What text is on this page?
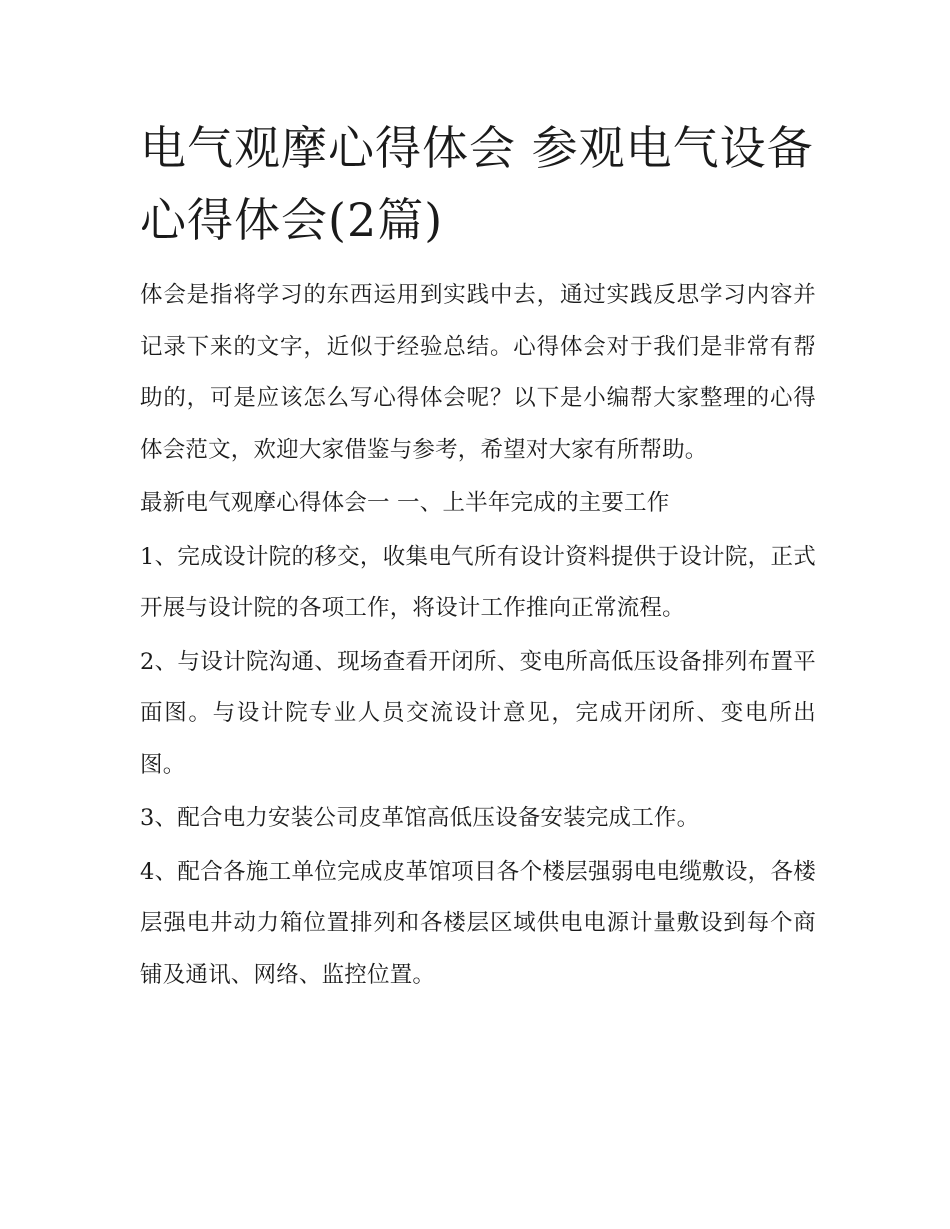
电气观摩心得体会 参观电气设备心得体会(2篇)

体会是指将学习的东西运用到实践中去，通过实践反思学习内容并记录下来的文字，近似于经验总结。心得体会对于我们是非常有帮助的，可是应该怎么写心得体会呢？以下是小编帮大家整理的心得体会范文，欢迎大家借鉴与参考，希望对大家有所帮助。

最新电气观摩心得体会一 一、上半年完成的主要工作

1、完成设计院的移交，收集电气所有设计资料提供于设计院，正式开展与设计院的各项工作，将设计工作推向正常流程。

2、与设计院沟通、现场查看开闭所、变电所高低压设备排列布置平面图。与设计院专业人员交流设计意见，完成开闭所、变电所出图。

3、配合电力安装公司皮革馆高低压设备安装完成工作。

4、配合各施工单位完成皮革馆项目各个楼层强弱电电缆敷设，各楼层强电井动力箱位置排列和各楼层区域供电电源计量敷设到每个商铺及通讯、网络、监控位置。
